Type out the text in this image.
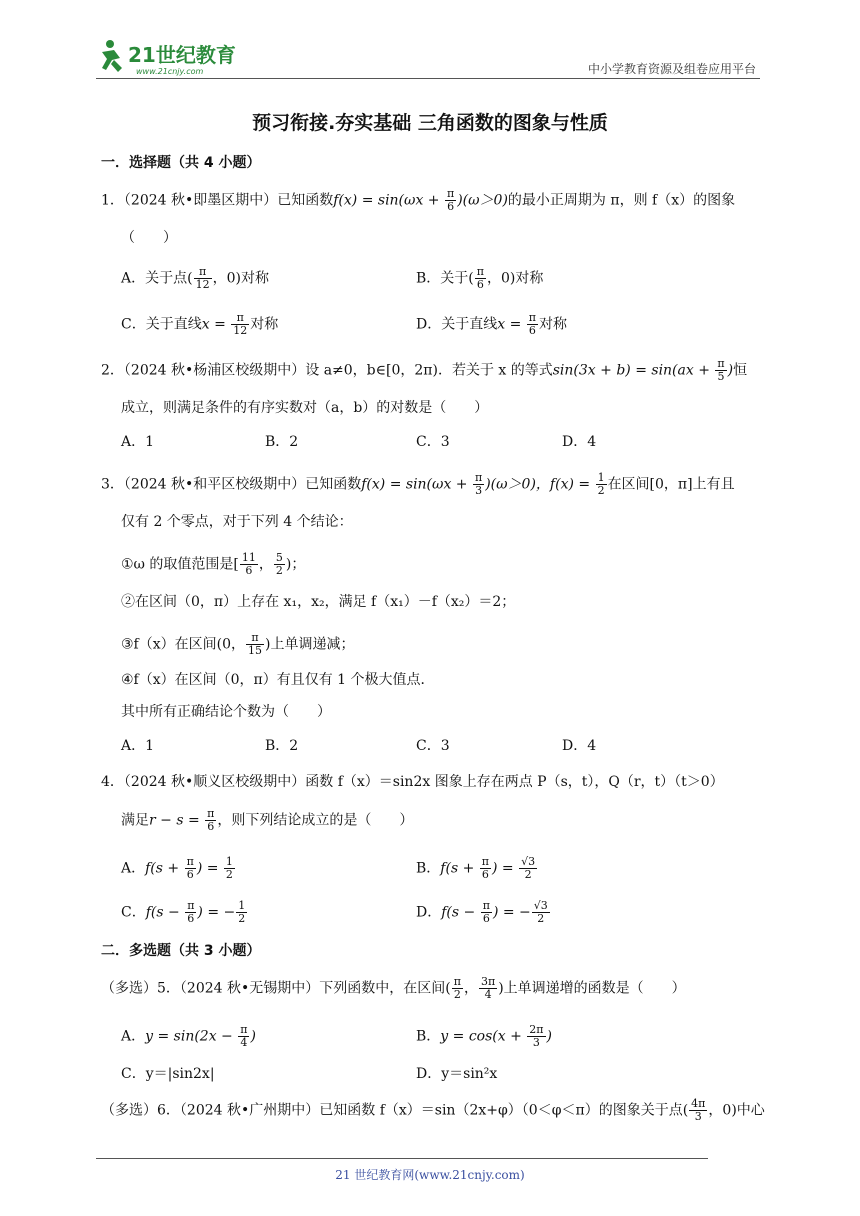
21世纪教育
www.21cnjy.com	中小学教育资源及组卷应用平台
预习衔接.夯实基础 三角函数的图象与性质
一．选择题（共 4 小题）
1．（2024 秋•即墨区期中）已知函数$f(x) = \sin(\omega x + \frac{\pi}{6} )(\omega>0)$的最小正周期为 π，则 f（x）的图象
（　　）
A．关于点( $\frac{\pi}{12}$ ，0)对称	B．关于( $\frac{\pi}{6}$ ，0)对称
C．关于直线$x = \frac{\pi}{12}$ 对称	D．关于直线$x = \frac{\pi}{6}$ 对称
2．（2024 秋•杨浦区校级期中）设 a≠0，b∈[0，2π)．若关于 x 的等式$\sin(3x + b) = \sin(ax + \frac{\pi}{5}$ )恒
成立，则满足条件的有序实数对（a，b）的对数是（　　）
A．1	B．2	C．3	D．4
3．（2024 秋•和平区校级期中）已知函数$f(x) = \sin(\omega x + \frac{\pi}{3} )(\omega>0)$，$f(x) = \frac{1}{2}$ 在区间[0，π]上有且
仅有 2 个零点，对于下列 4 个结论：
①ω 的取值范围是[ $\frac{11}{6}$ ， $\frac{5}{2}$ )；
②在区间（0，π）上存在 x₁，x₂，满足 f（x₁）－f（x₂）＝2；
③f（x）在区间(0， $\frac{\pi}{15}$ )上单调递减；
④f（x）在区间（0，π）有且仅有 1 个极大值点．
其中所有正确结论个数为（　　）
A．1	B．2	C．3	D．4
4．（2024 秋•顺义区校级期中）函数 f（x）＝sin2x 图象上存在两点 P（s，t），Q（r，t）（t＞0）
满足$r - s = \frac{\pi}{6}$ ，则下列结论成立的是（　　）
A．$f(s + \frac{\pi}{6}$ ) = $\frac{1}{2}$	B．$f(s + \frac{\pi}{6}$ ) = $\frac{√3}{2}$
C．$f(s - \frac{\pi}{6}$ ) = − $\frac{1}{2}$	D．$f(s - \frac{\pi}{6}$ ) = − $\frac{√3}{2}$
二．多选题（共 3 小题）
（多选）5．（2024 秋•无锡期中）下列函数中，在区间( $\frac{\pi}{2}$ ， $\frac{3\pi}{4}$ )上单调递增的函数是（　　）
A．$y = \sin(2x - \frac{\pi}{4}$ )	B．$y = \cos(x + \frac{2\pi}{3}$ )
C．y＝|sin2x|	D．y＝sin²x
（多选）6．（2024 秋•广州期中）已知函数 f（x）＝sin（2x+φ）（0＜φ＜π）的图象关于点( $\frac{4\pi}{3}$ ，0)中心
21 世纪教育网(www.21cnjy.com)
